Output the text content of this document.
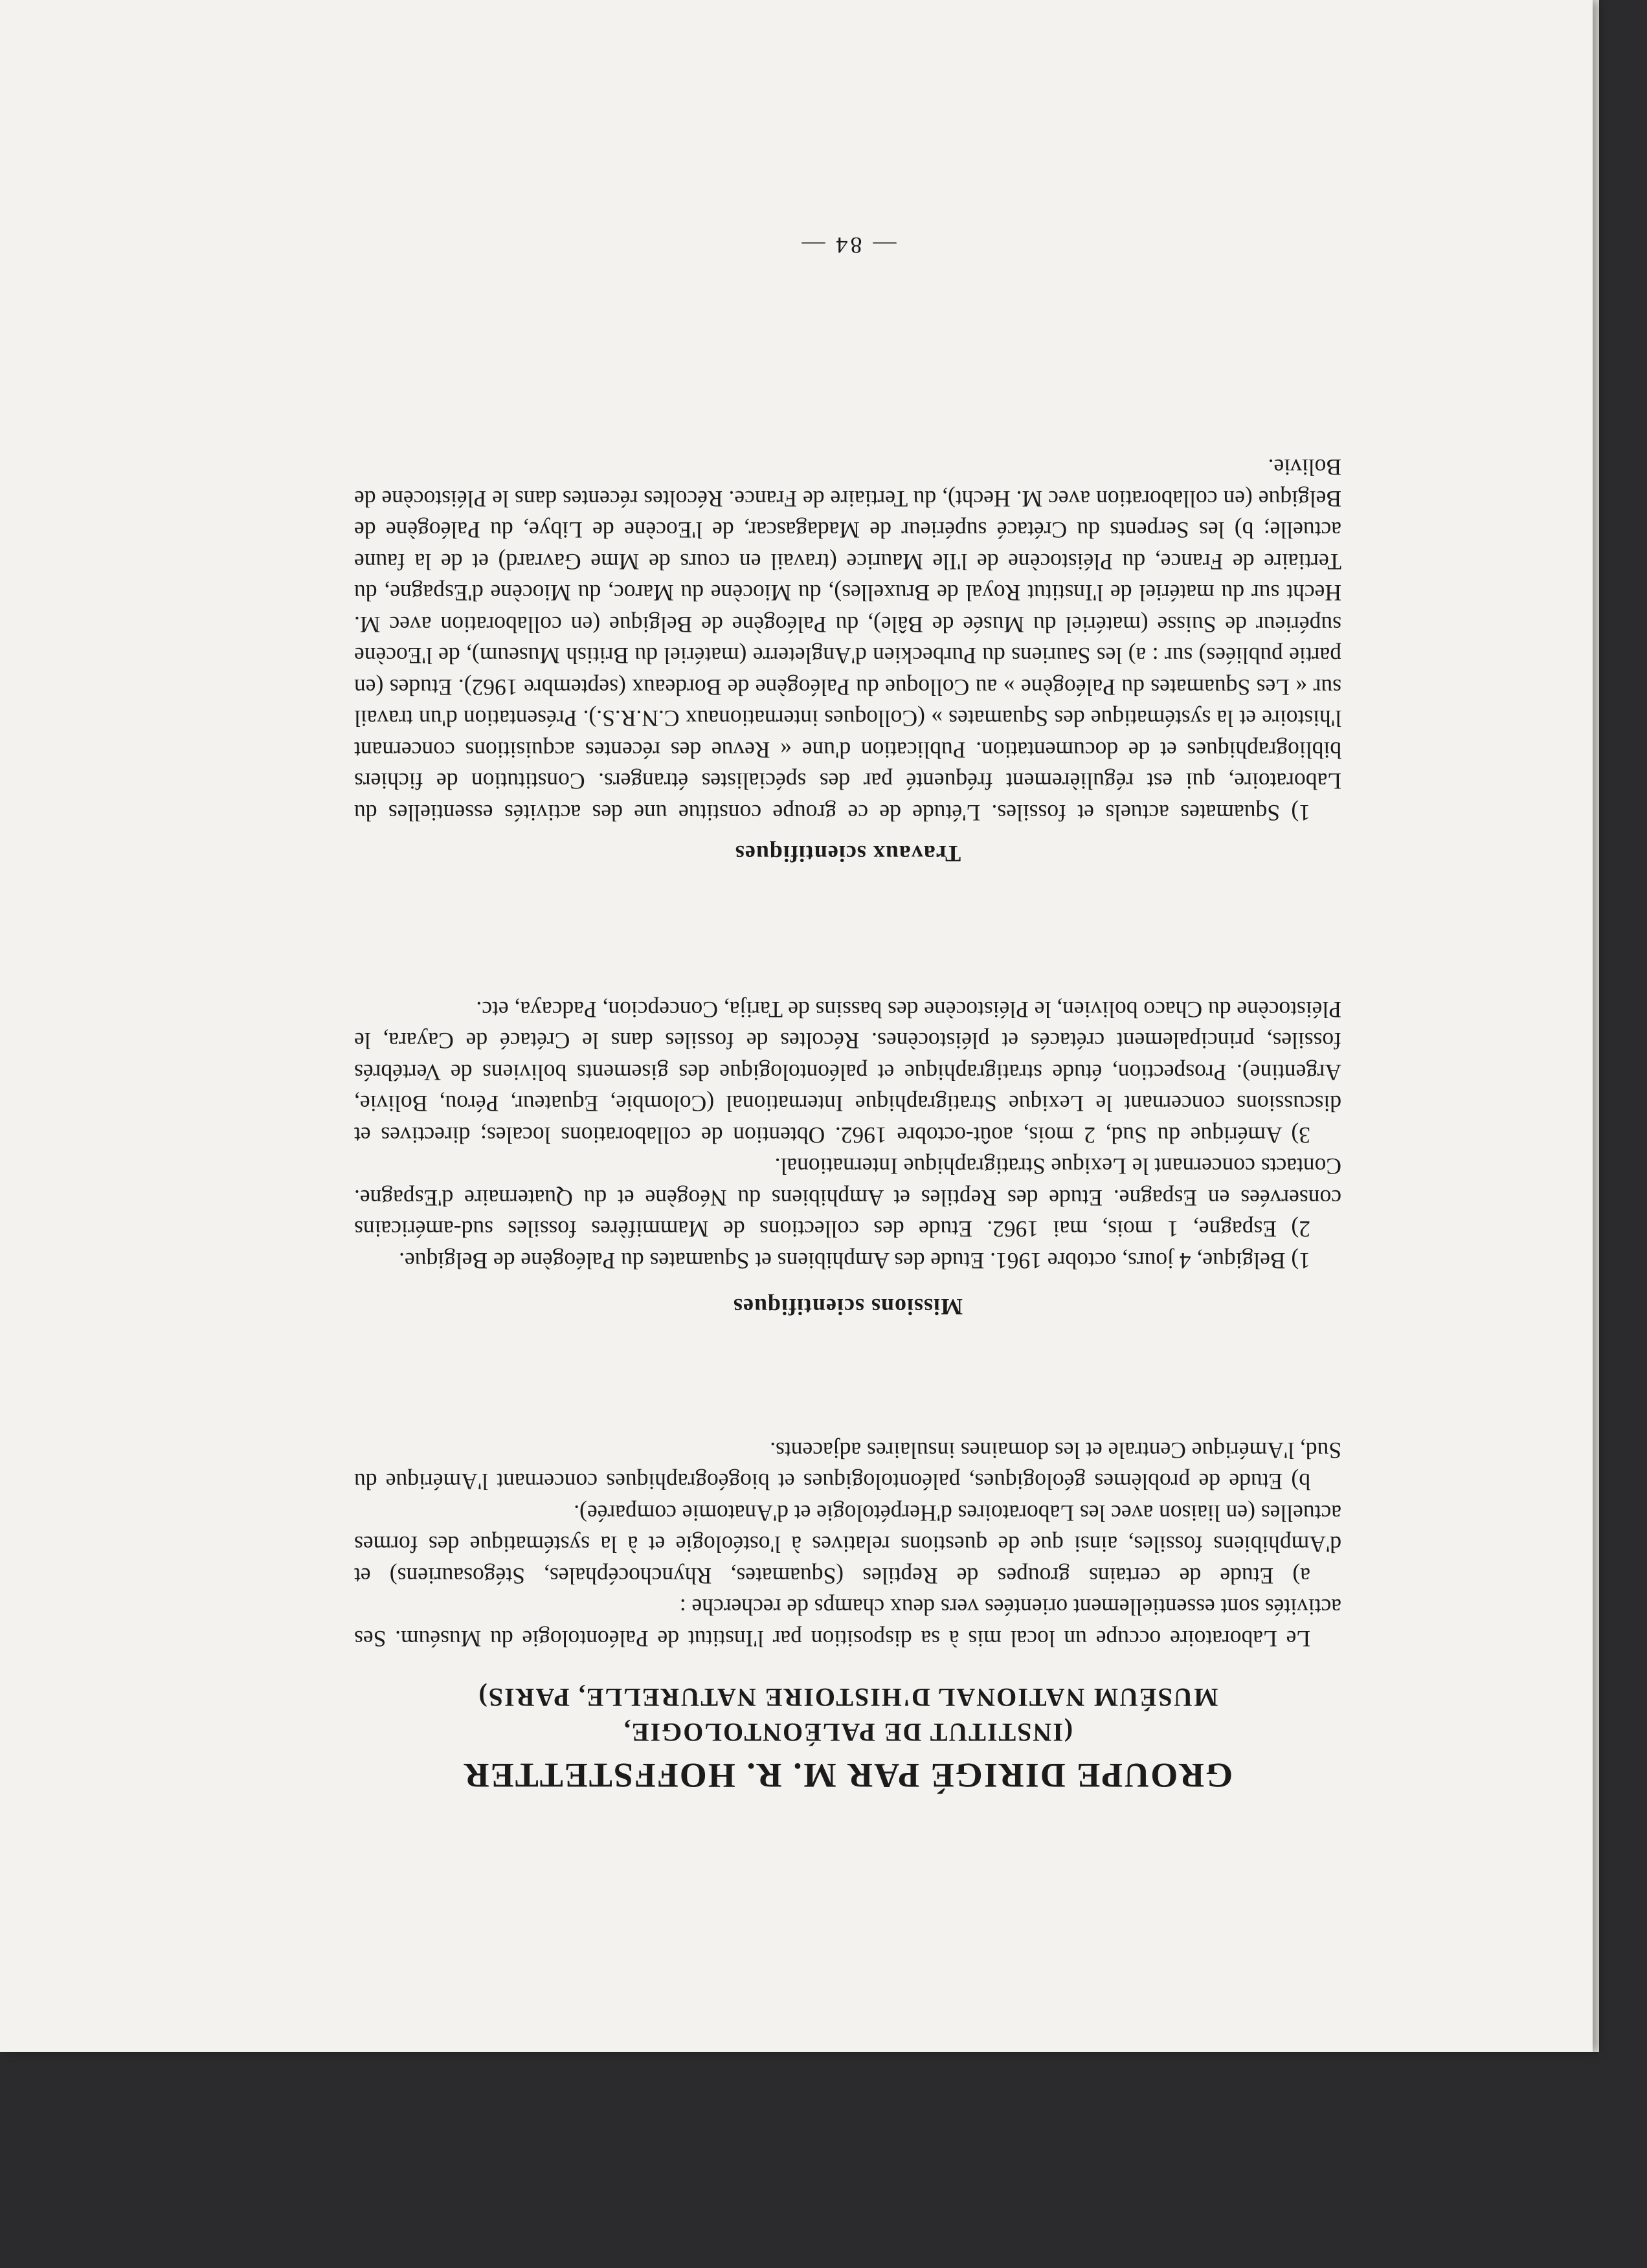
GROUPE DIRIGÉ PAR M. R. HOFFSTETTER
(INSTITUT DE PALÉONTOLOGIE,
MUSÉUM NATIONAL D'HISTOIRE NATURELLE, PARIS)

Le Laboratoire occupe un local mis à sa disposition par l'Institut de Paléontologie du Muséum. Ses activités sont essentiellement orientées vers deux champs de recherche :

a) Etude de certains groupes de Reptiles (Squamates, Rhynchocéphales, Stégosauriens) et d'Amphibiens fossiles, ainsi que de questions relatives à l'ostéologie et à la systématique des formes actuelles (en liaison avec les Laboratoires d'Herpétologie et d'Anatomie comparée).

b) Etude de problèmes géologiques, paléontologiques et biogéographiques concernant l'Amérique du Sud, l'Amérique Centrale et les domaines insulaires adjacents.

Missions scientifiques

1) Belgique, 4 jours, octobre 1961. Etude des Amphibiens et Squamates du Paléogène de Belgique.

2) Espagne, 1 mois, mai 1962. Etude des collections de Mammifères fossiles sud-américains conservées en Espagne. Etude des Reptiles et Amphibiens du Néogène et du Quaternaire d'Espagne. Contacts concernant le Lexique Stratigraphique International.

3) Amérique du Sud, 2 mois, août-octobre 1962. Obtention de collaborations locales; directives et discussions concernant le Lexique Stratigraphique International (Colombie, Equateur, Pérou, Bolivie, Argentine). Prospection, étude stratigraphique et paléontologique des gisements boliviens de Vertébrés fossiles, principalement crétacés et pléistocènes. Récoltes de fossiles dans le Crétacé de Cayara, le Pléistocène du Chaco bolivien, le Pléistocène des bassins de Tarija, Concepcion, Padcaya, etc.

Travaux scientifiques

1) Squamates actuels et fossiles. L'étude de ce groupe constitue une des activités essentielles du Laboratoire, qui est régulièrement fréquenté par des spécialistes étrangers. Constitution de fichiers bibliographiques et de documentation. Publication d'une « Revue des récentes acquisitions concernant l'histoire et la systématique des Squamates » (Colloques internationaux C.N.R.S.). Présentation d'un travail sur « Les Squamates du Paléogène » au Colloque du Paléogène de Bordeaux (septembre 1962). Etudes (en partie publiées) sur : a) les Sauriens du Purbeckien d'Angleterre (matériel du British Museum), de l'Eocène supérieur de Suisse (matériel du Musée de Bâle), du Paléogène de Belgique (en collaboration avec M. Hecht sur du matériel de l'Institut Royal de Bruxelles), du Miocène du Maroc, du Miocène d'Espagne, du Tertiaire de France, du Pléistocène de l'Ile Maurice (travail en cours de Mme Gavrard) et de la faune actuelle; b) les Serpents du Crétacé supérieur de Madagascar, de l'Eocène de Libye, du Paléogène de Belgique (en collaboration avec M. Hecht), du Tertiaire de France. Récoltes récentes dans le Pléistocène de Bolivie.

— 84 —
